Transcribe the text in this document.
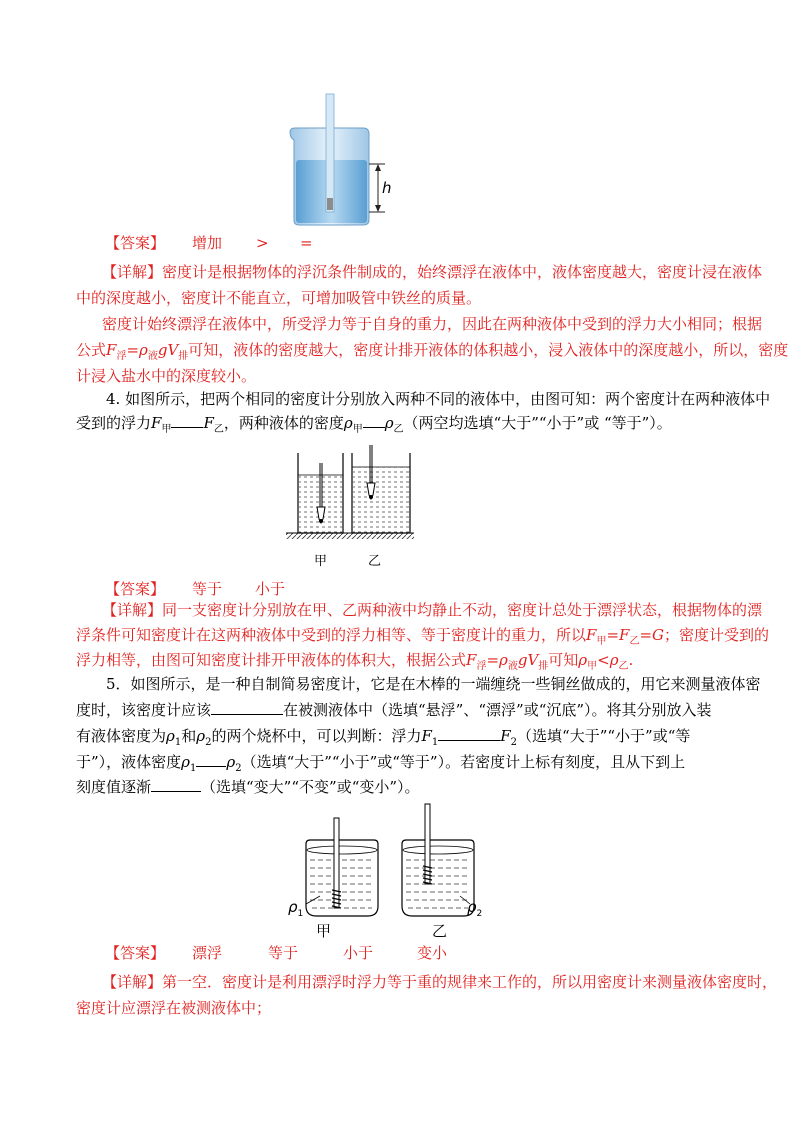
h
【答案】 增加 > =
【详解】密度计是根据物体的浮沉条件制成的，始终漂浮在液体中，液体密度越大，密度计浸在液体
中的深度越小，密度计不能直立，可增加吸管中铁丝的质量。
密度计始终漂浮在液体中，所受浮力等于自身的重力，因此在两种液体中受到的浮力大小相同；根据
公式$F_浮=\rho_液gV_排$可知，液体的密度越大，密度计排开液体的体积越小，浸入液体中的深度越小，所以，密度
计浸入盐水中的深度较小。
4. 如图所示，把两个相同的密度计分别放入两种不同的液体中，由图可知：两个密度计在两种液体中
受到的浮力$F_甲$ $F_乙$，两种液体的密度$\rho_甲$ $\rho_乙$（两空均选填“大于”“小于”或 “等于”）。
甲	乙
【答案】 等于 小于
【详解】同一支密度计分别放在甲、乙两种液中均静止不动，密度计总处于漂浮状态，根据物体的漂
浮条件可知密度计在这两种液体中受到的浮力相等、等于密度计的重力，所以$F_甲=F_乙=G$；密度计受到的
浮力相等，由图可知密度计排开甲液体的体积大，根据公式$F_浮=\rho_液gV_排$可知$\rho_甲<\rho_乙$.
5．如图所示，是一种自制简易密度计，它是在木棒的一端缠绕一些铜丝做成的，用它来测量液体密
度时，该密度计应该	在被测液体中（选填“悬浮”、“漂浮”或“沉底”）。将其分别放入装
有液体密度为$\rho_1$和$\rho_2$的两个烧杯中，可以判断：浮力$F_1$	$F_2$（选填“大于”“小于”或“等
于”），液体密度$\rho_1$ $\rho_2$（选填“大于”“小于”或“等于”）。若密度计上标有刻度，且从下到上
刻度值逐渐	（选填“变大”“不变”或“变小”）。
$\rho_1$	$\rho_2$
甲	乙
【答案】 漂浮	等于	小于	变小
【详解】第一空．密度计是利用漂浮时浮力等于重的规律来工作的，所以用密度计来测量液体密度时，
密度计应漂浮在被测液体中；
